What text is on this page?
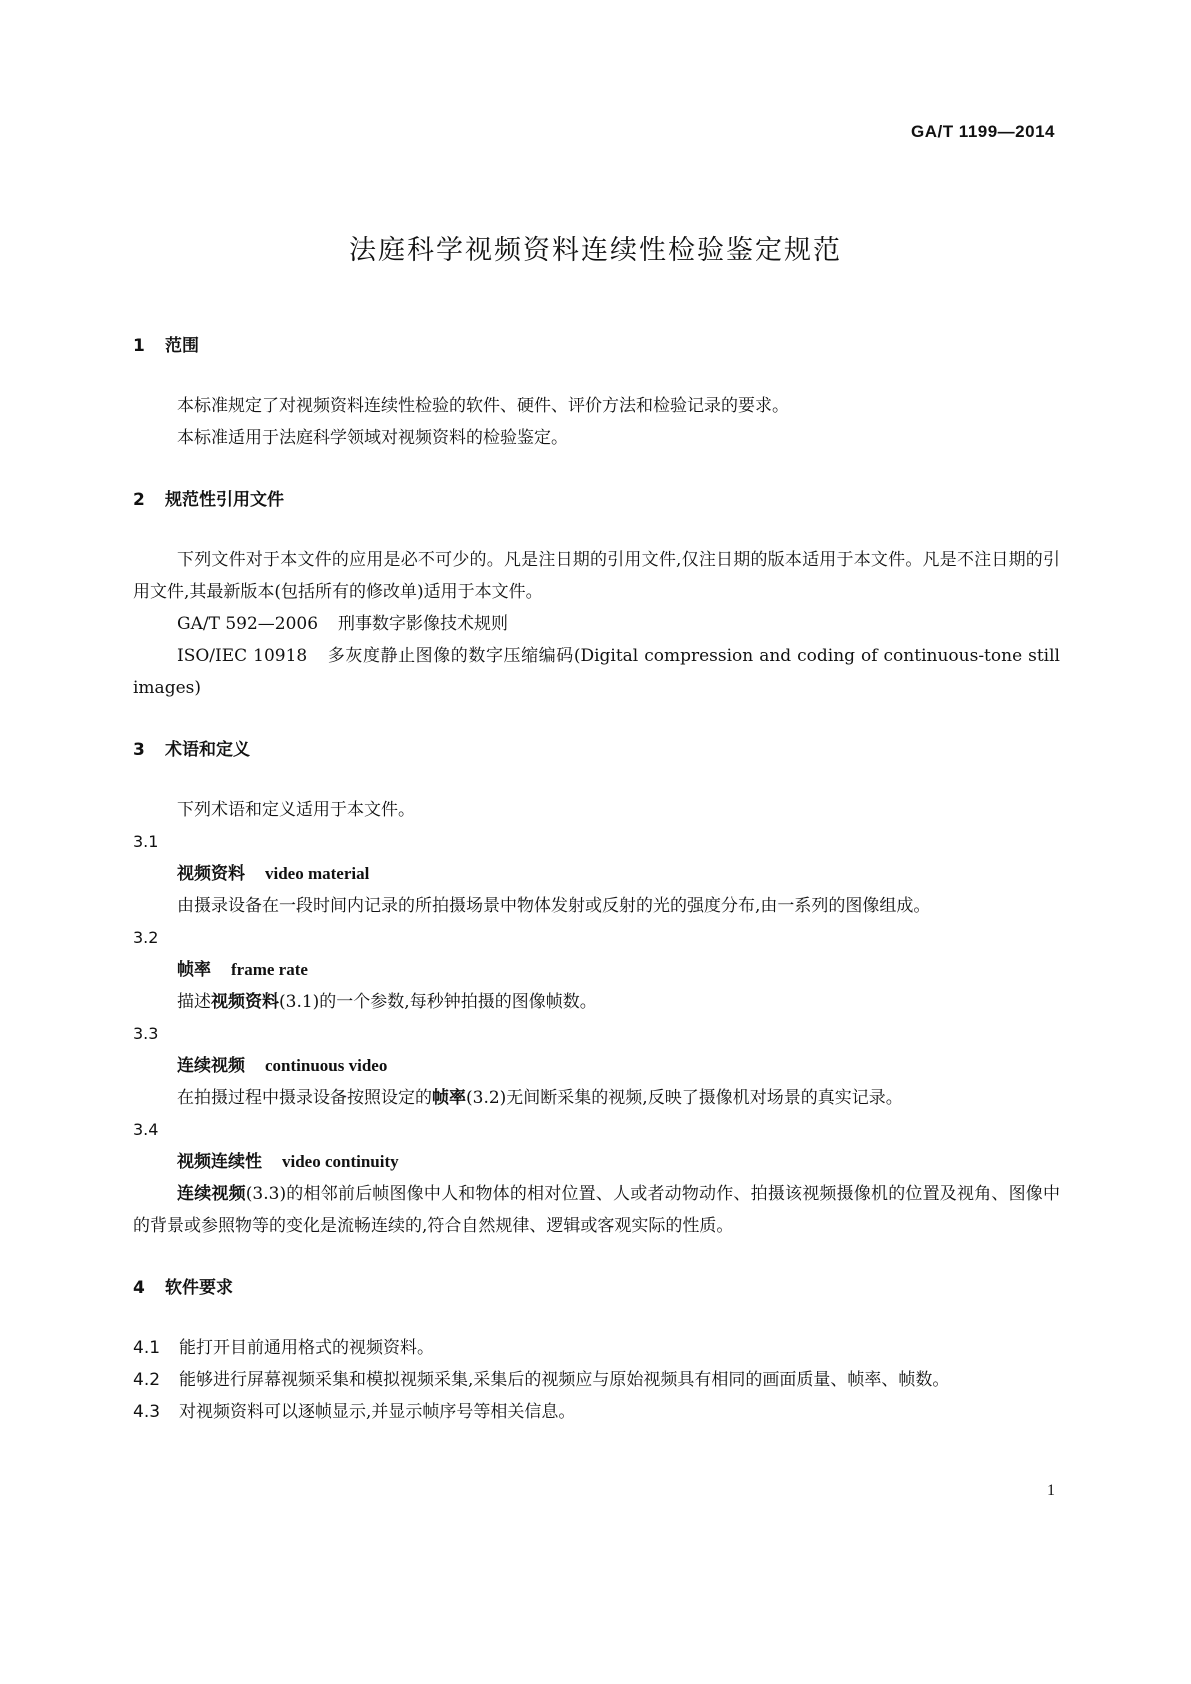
GA/T 1199—2014
法庭科学视频资料连续性检验鉴定规范
1 范围

本标准规定了对视频资料连续性检验的软件、硬件、评价方法和检验记录的要求。

本标准适用于法庭科学领域对视频资料的检验鉴定。

2 规范性引用文件

下列文件对于本文件的应用是必不可少的。凡是注日期的引用文件,仅注日期的版本适用于本文件。凡是不注日期的引用文件,其最新版本(包括所有的修改单)适用于本文件。

GA/T 592—2006 刑事数字影像技术规则

ISO/IEC 10918 多灰度静止图像的数字压缩编码(Digital compression and coding of continuous-tone still images)

3 术语和定义

下列术语和定义适用于本文件。

3.1
视频资料 video material

由摄录设备在一段时间内记录的所拍摄场景中物体发射或反射的光的强度分布,由一系列的图像组成。

3.2
帧率 frame rate

描述视频资料(3.1)的一个参数,每秒钟拍摄的图像帧数。

3.3
连续视频 continuous video

在拍摄过程中摄录设备按照设定的帧率(3.2)无间断采集的视频,反映了摄像机对场景的真实记录。

3.4
视频连续性 video continuity

连续视频(3.3)的相邻前后帧图像中人和物体的相对位置、人或者动物动作、拍摄该视频摄像机的位置及视角、图像中的背景或参照物等的变化是流畅连续的,符合自然规律、逻辑或客观实际的性质。

4 软件要求

4.1 能打开目前通用格式的视频资料。

4.2 能够进行屏幕视频采集和模拟视频采集,采集后的视频应与原始视频具有相同的画面质量、帧率、帧数。

4.3 对视频资料可以逐帧显示,并显示帧序号等相关信息。

1
